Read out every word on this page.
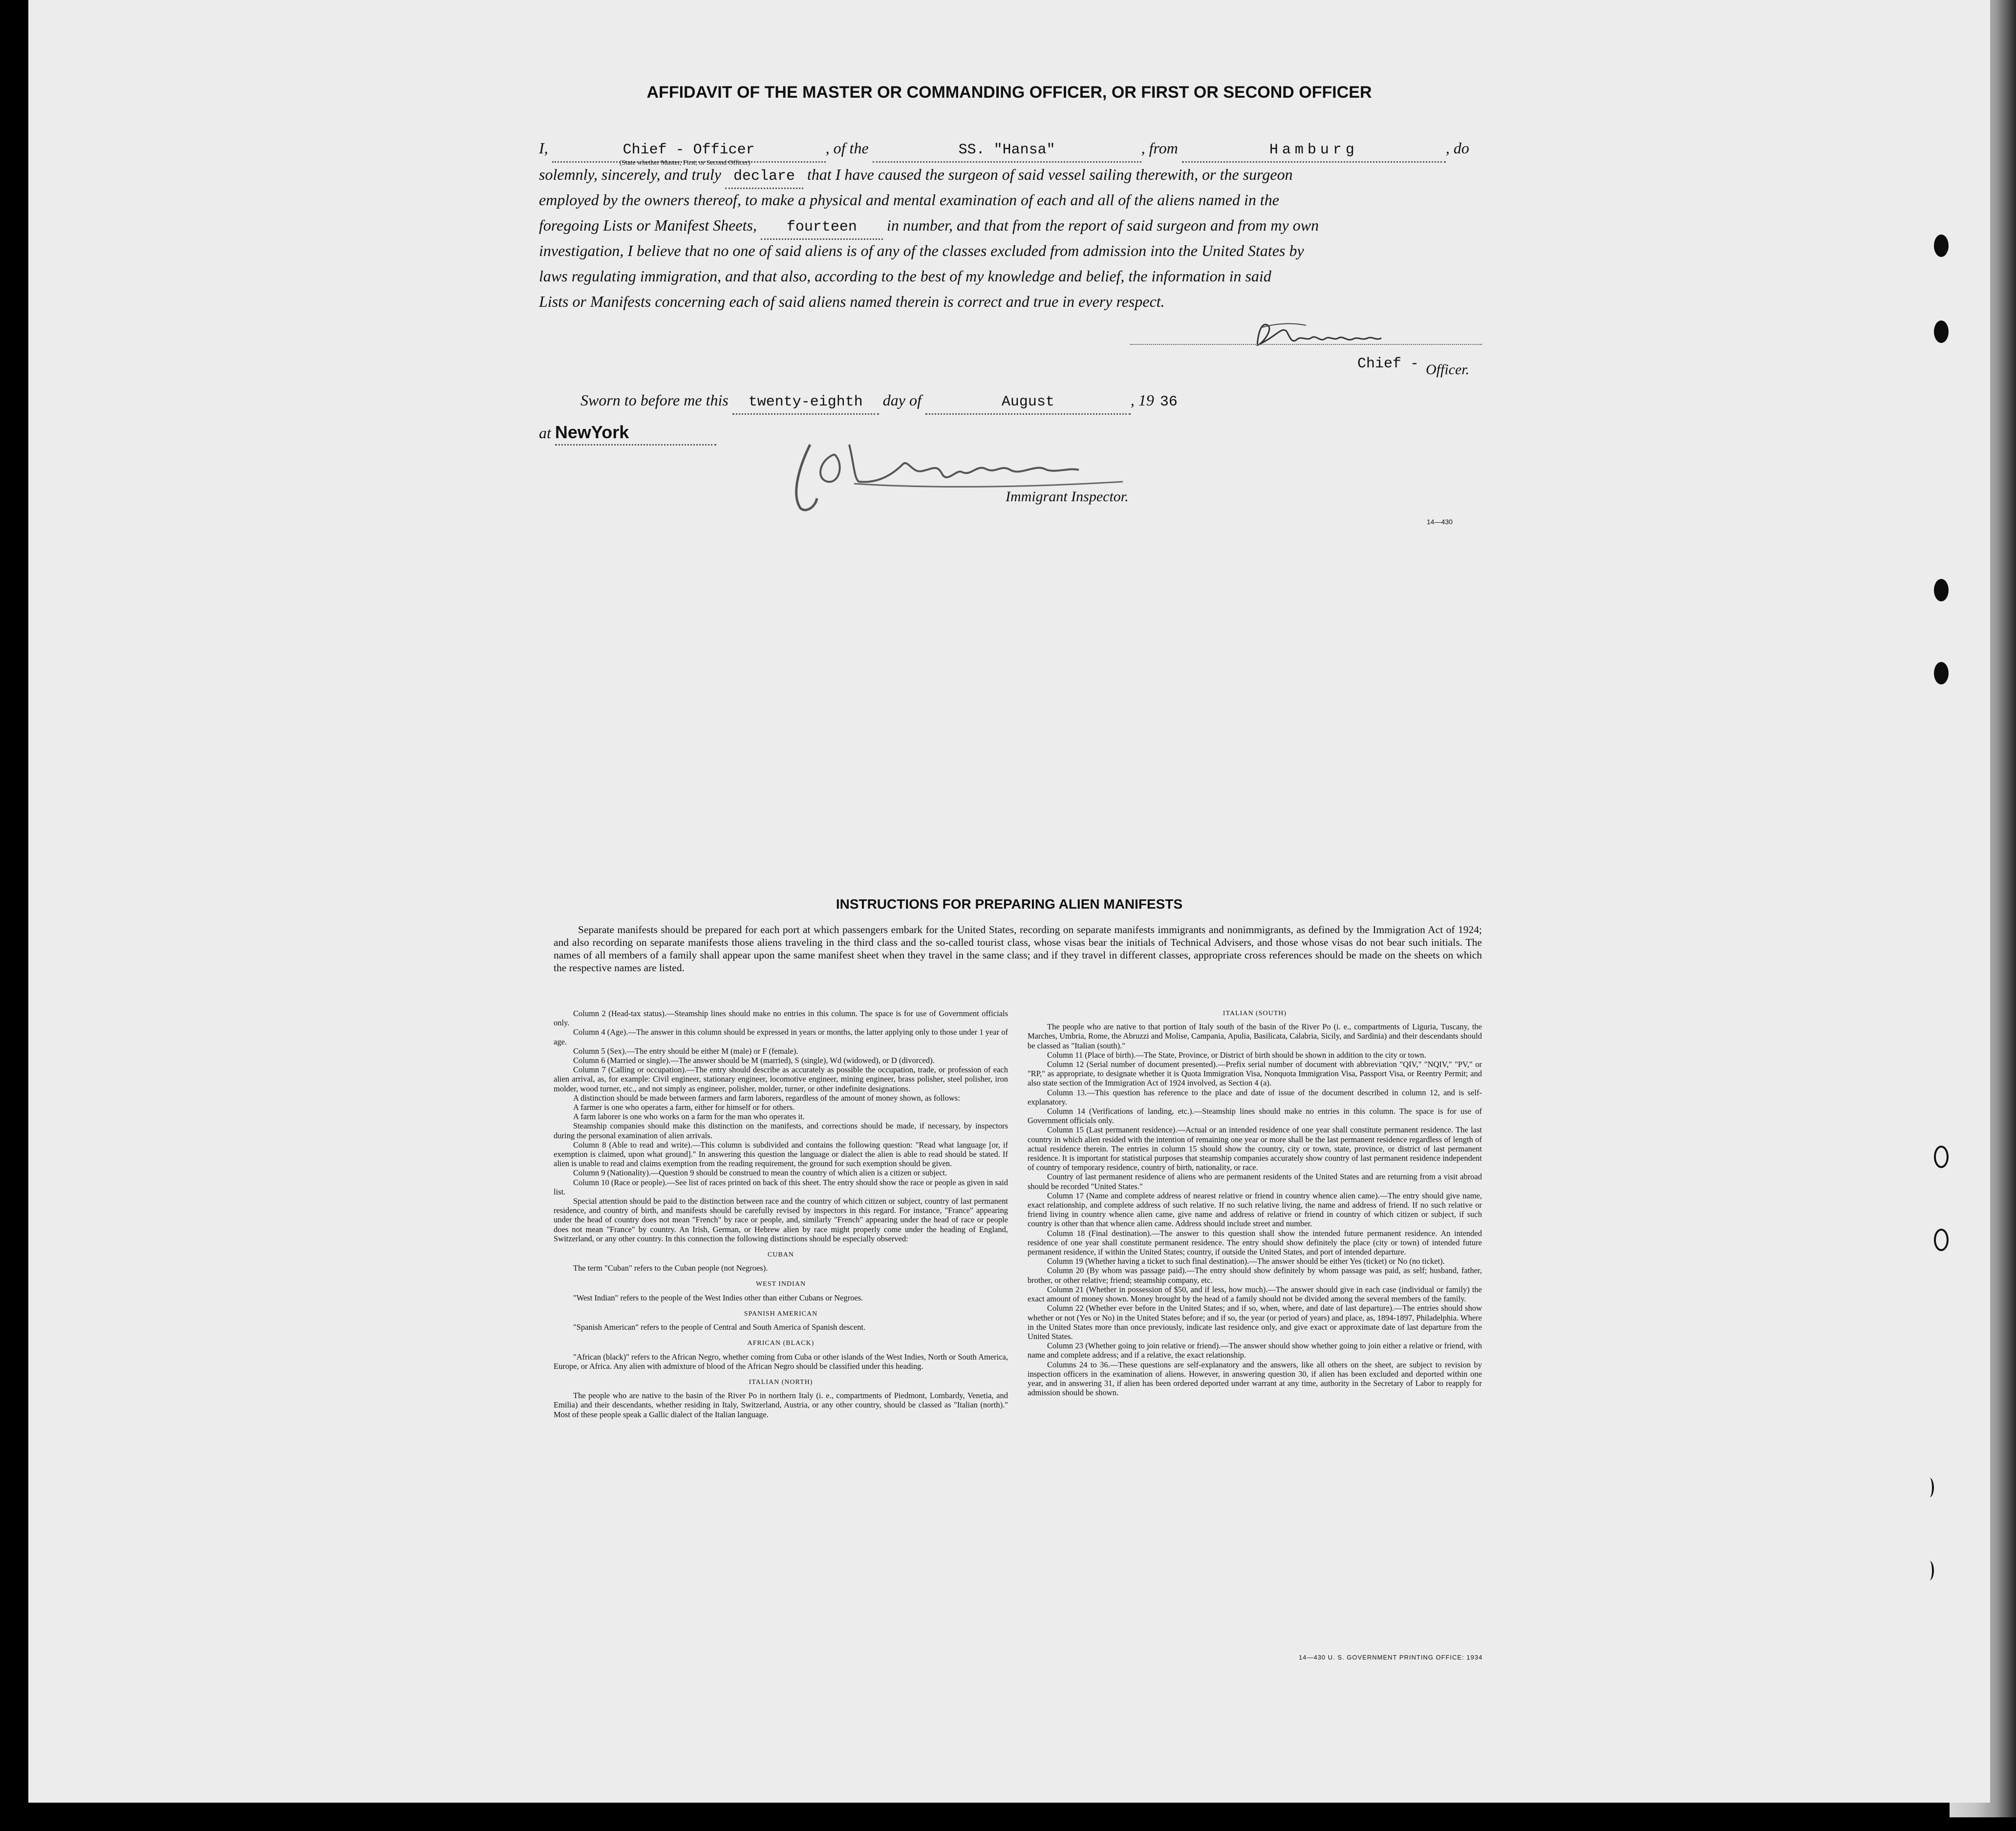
AFFIDAVIT OF THE MASTER OR COMMANDING OFFICER, OR FIRST OR SECOND OFFICER
I,	Chief - Officer	, of the	SS. "Hansa"	, from	Hamburg	, do
(State whether Master, First, or Second Officer)
solemnly, sincerely, and truly declare that I have caused the surgeon of said vessel sailing therewith, or the surgeon
employed by the owners thereof, to make a physical and mental examination of each and all of the aliens named in the
foregoing Lists or Manifest Sheets, fourteen in number, and that from the report of said surgeon and from my own
investigation, I believe that no one of said aliens is of any of the classes excluded from admission into the United States by
laws regulating immigration, and that also, according to the best of my knowledge and belief, the information in said
Lists or Manifests concerning each of said aliens named therein is correct and true in every respect.
Chief - Officer.
Sworn to before me this twenty-eighth day of	August	, 19 36
at NewYork
Immigrant Inspector.
14—430
INSTRUCTIONS FOR PREPARING ALIEN MANIFESTS
Separate manifests should be prepared for each port at which passengers embark for the United States, recording on separate manifests immigrants and nonimmigrants, as defined by the Immigration Act of 1924; and also recording on separate manifests those aliens traveling in the third class and the so-called tourist class, whose visas bear the initials of Technical Advisers, and those whose visas do not bear such initials. The names of all members of a family shall appear upon the same manifest sheet when they travel in the same class; and if they travel in different classes, appropriate cross references should be made on the sheets on which the respective names are listed.

Column 2 (Head-tax status).—Steamship lines should make no entries in this column. The space is for use of Government officials only.

Column 4 (Age).—The answer in this column should be expressed in years or months, the latter applying only to those under 1 year of age.

Column 5 (Sex).—The entry should be either M (male) or F (female).

Column 6 (Married or single).—The answer should be M (married), S (single), Wd (widowed), or D (divorced).

Column 7 (Calling or occupation).—The entry should describe as accurately as possible the occupation, trade, or profession of each alien arrival, as, for example: Civil engineer, stationary engineer, locomotive engineer, mining engineer, brass polisher, steel polisher, iron molder, wood turner, etc., and not simply as engineer, polisher, molder, turner, or other indefinite designations.

A distinction should be made between farmers and farm laborers, regardless of the amount of money shown, as follows:

A farmer is one who operates a farm, either for himself or for others.

A farm laborer is one who works on a farm for the man who operates it.

Steamship companies should make this distinction on the manifests, and corrections should be made, if necessary, by inspectors during the personal examination of alien arrivals.

Column 8 (Able to read and write).—This column is subdivided and contains the following question: "Read what language [or, if exemption is claimed, upon what ground]." In answering this question the language or dialect the alien is able to read should be stated. If alien is unable to read and claims exemption from the reading requirement, the ground for such exemption should be given.

Column 9 (Nationality).—Question 9 should be construed to mean the country of which alien is a citizen or subject.

Column 10 (Race or people).—See list of races printed on back of this sheet. The entry should show the race or people as given in said list.

Special attention should be paid to the distinction between race and the country of which citizen or subject, country of last permanent residence, and country of birth, and manifests should be carefully revised by inspectors in this regard. For instance, "France" appearing under the head of country does not mean "French" by race or people, and, similarly "French" appearing under the head of race or people does not mean "France" by country. An Irish, German, or Hebrew alien by race might properly come under the heading of England, Switzerland, or any other country. In this connection the following distinctions should be especially observed:

CUBAN

The term "Cuban" refers to the Cuban people (not Negroes).

WEST INDIAN

"West Indian" refers to the people of the West Indies other than either Cubans or Negroes.

SPANISH AMERICAN

"Spanish American" refers to the people of Central and South America of Spanish descent.

AFRICAN (BLACK)

"African (black)" refers to the African Negro, whether coming from Cuba or other islands of the West Indies, North or South America, Europe, or Africa. Any alien with admixture of blood of the African Negro should be classified under this heading.

ITALIAN (NORTH)

The people who are native to the basin of the River Po in northern Italy (i. e., compartments of Piedmont, Lombardy, Venetia, and Emilia) and their descendants, whether residing in Italy, Switzerland, Austria, or any other country, should be classed as "Italian (north)." Most of these people speak a Gallic dialect of the Italian language.

ITALIAN (SOUTH)

The people who are native to that portion of Italy south of the basin of the River Po (i. e., compartments of Liguria, Tuscany, the Marches, Umbria, Rome, the Abruzzi and Molise, Campania, Apulia, Basilicata, Calabria, Sicily, and Sardinia) and their descendants should be classed as "Italian (south)."

Column 11 (Place of birth).—The State, Province, or District of birth should be shown in addition to the city or town.

Column 12 (Serial number of document presented).—Prefix serial number of document with abbreviation "QIV," "NQIV," "PV," or "RP," as appropriate, to designate whether it is Quota Immigration Visa, Nonquota Immigration Visa, Passport Visa, or Reentry Permit; and also state section of the Immigration Act of 1924 involved, as Section 4 (a).

Column 13.—This question has reference to the place and date of issue of the document described in column 12, and is self-explanatory.

Column 14 (Verifications of landing, etc.).—Steamship lines should make no entries in this column. The space is for use of Government officials only.

Column 15 (Last permanent residence).—Actual or an intended residence of one year shall constitute permanent residence. The last country in which alien resided with the intention of remaining one year or more shall be the last permanent residence regardless of length of actual residence therein. The entries in column 15 should show the country, city or town, state, province, or district of last permanent residence. It is important for statistical purposes that steamship companies accurately show country of last permanent residence independent of country of temporary residence, country of birth, nationality, or race.

Country of last permanent residence of aliens who are permanent residents of the United States and are returning from a visit abroad should be recorded "United States."

Column 17 (Name and complete address of nearest relative or friend in country whence alien came).—The entry should give name, exact relationship, and complete address of such relative. If no such relative living, the name and address of friend. If no such relative or friend living in country whence alien came, give name and address of relative or friend in country of which citizen or subject, if such country is other than that whence alien came. Address should include street and number.

Column 18 (Final destination).—The answer to this question shall show the intended future permanent residence. An intended residence of one year shall constitute permanent residence. The entry should show definitely the place (city or town) of intended future permanent residence, if within the United States; country, if outside the United States, and port of intended departure.

Column 19 (Whether having a ticket to such final destination).—The answer should be either Yes (ticket) or No (no ticket).

Column 20 (By whom was passage paid).—The entry should show definitely by whom passage was paid, as self; husband, father, brother, or other relative; friend; steamship company, etc.

Column 21 (Whether in possession of $50, and if less, how much).—The answer should give in each case (individual or family) the exact amount of money shown. Money brought by the head of a family should not be divided among the several members of the family.

Column 22 (Whether ever before in the United States; and if so, when, where, and date of last departure).—The entries should show whether or not (Yes or No) in the United States before; and if so, the year (or period of years) and place, as, 1894-1897, Philadelphia. Where in the United States more than once previously, indicate last residence only, and give exact or approximate date of last departure from the United States.

Column 23 (Whether going to join relative or friend).—The answer should show whether going to join either a relative or friend, with name and complete address; and if a relative, the exact relationship.

Columns 24 to 36.—These questions are self-explanatory and the answers, like all others on the sheet, are subject to revision by inspection officers in the examination of aliens. However, in answering question 30, if alien has been excluded and deported within one year, and in answering 31, if alien has been ordered deported under warrant at any time, authority in the Secretary of Labor to reapply for admission should be shown.

14—430 U. S. GOVERNMENT PRINTING OFFICE: 1934
